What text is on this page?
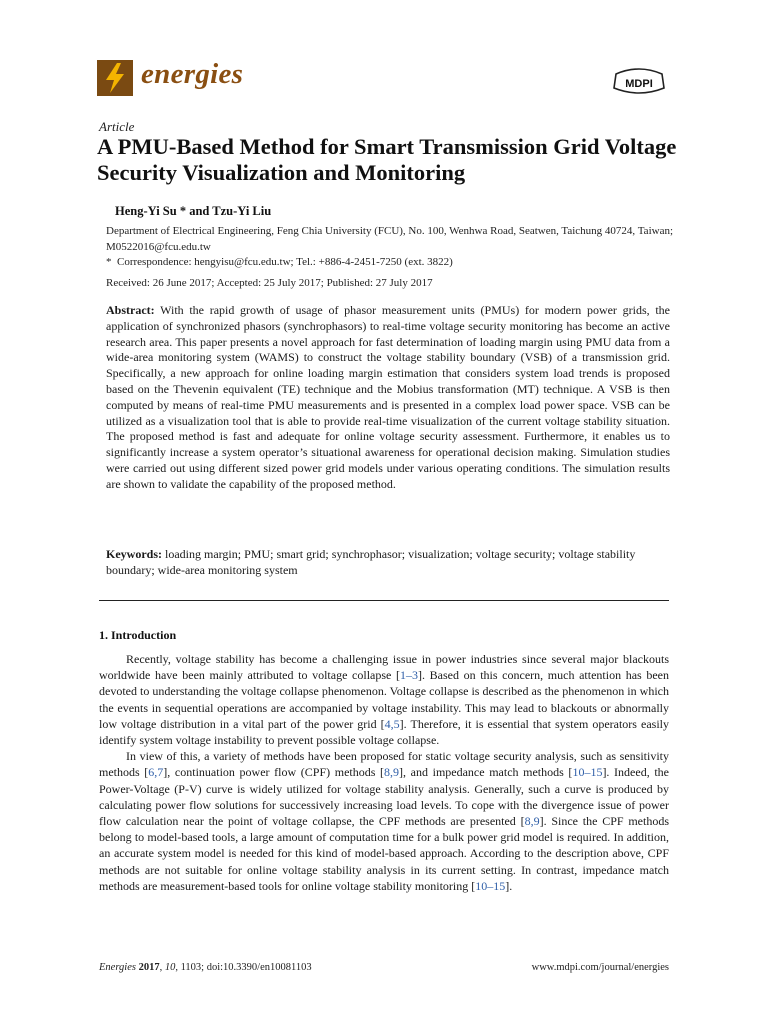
energies	MDPI
Article
A PMU-Based Method for Smart Transmission Grid Voltage Security Visualization and Monitoring
Heng-Yi Su * and Tzu-Yi Liu
Department of Electrical Engineering, Feng Chia University (FCU), No. 100, Wenhwa Road, Seatwen, Taichung 40724, Taiwan; M0522016@fcu.edu.tw
* Correspondence: hengyisu@fcu.edu.tw; Tel.: +886-4-2451-7250 (ext. 3822)
Received: 26 June 2017; Accepted: 25 July 2017; Published: 27 July 2017

Abstract: With the rapid growth of usage of phasor measurement units (PMUs) for modern power grids, the application of synchronized phasors (synchrophasors) to real-time voltage security monitoring has become an active research area. This paper presents a novel approach for fast determination of loading margin using PMU data from a wide-area monitoring system (WAMS) to construct the voltage stability boundary (VSB) of a transmission grid. Specifically, a new approach for online loading margin estimation that considers system load trends is proposed based on the Thevenin equivalent (TE) technique and the Mobius transformation (MT) technique. A VSB is then computed by means of real-time PMU measurements and is presented in a complex load power space. VSB can be utilized as a visualization tool that is able to provide real-time visualization of the current voltage stability situation. The proposed method is fast and adequate for online voltage security assessment. Furthermore, it enables us to significantly increase a system operator’s situational awareness for operational decision making. Simulation studies were carried out using different sized power grid models under various operating conditions. The simulation results are shown to validate the capability of the proposed method.

Keywords: loading margin; PMU; smart grid; synchrophasor; visualization; voltage security; voltage stability boundary; wide-area monitoring system

1. Introduction

Recently, voltage stability has become a challenging issue in power industries since several major blackouts worldwide have been mainly attributed to voltage collapse [1–3]. Based on this concern, much attention has been devoted to understanding the voltage collapse phenomenon. Voltage collapse is described as the phenomenon in which the events in sequential operations are accompanied by voltage instability. This may lead to blackouts or abnormally low voltage distribution in a vital part of the power grid [4,5]. Therefore, it is essential that system operators easily identify system voltage instability to prevent possible voltage collapse.

In view of this, a variety of methods have been proposed for static voltage security analysis, such as sensitivity methods [6,7], continuation power flow (CPF) methods [8,9], and impedance match methods [10–15]. Indeed, the Power-Voltage (P-V) curve is widely utilized for voltage stability analysis. Generally, such a curve is produced by calculating power flow solutions for successively increasing load levels. To cope with the divergence issue of power flow calculation near the point of voltage collapse, the CPF methods are presented [8,9]. Since the CPF methods belong to model-based tools, a large amount of computation time for a bulk power grid model is required. In addition, an accurate system model is needed for this kind of model-based approach. According to the description above, CPF methods are not suitable for online voltage stability analysis in its current setting. In contrast, impedance match methods are measurement-based tools for online voltage stability monitoring [10–15].

Energies 2017, 10, 1103; doi:10.3390/en10081103	www.mdpi.com/journal/energies
